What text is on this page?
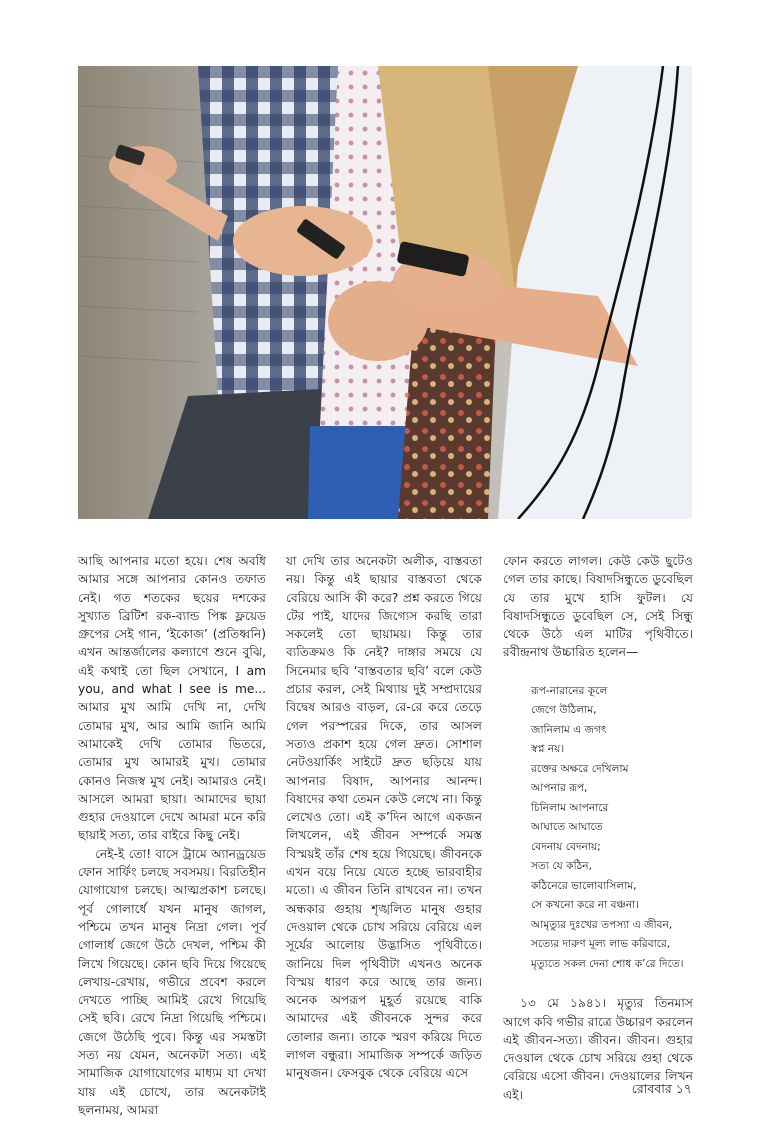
আছি আপনার মতো হয়ে। শেষ অবধি আমার সঙ্গে আপনার কোনও তফাত নেই। গত শতকের ছয়ের দশকের সুখ্যাত ব্রিটিশ রক-ব্যান্ড পিঙ্ক ফ্লয়েড গ্রুপের সেই গান, ‘ইকোজ’ (প্রতিধ্বনি) এখন আন্তর্জালের কল্যাণে শুনে বুঝি, এই কথাই তো ছিল সেখানে, I am you, and what I see is me... আমার মুখ আমি দেখি না, দেখি তোমার মুখ, আর আমি জানি আমি আমাকেই দেখি তোমার ভিতরে, তোমার মুখ আমারই মুখ। তোমার কোনও নিজস্ব মুখ নেই। আমারও নেই। আসলে আমরা ছায়া। আমাদের ছায়া গুহার দেওয়ালে দেখে আমরা মনে করি ছায়াই সত্য, তার বাইরে কিছু নেই।

নেই-ই তো! বাসে ট্রামে অ্যানড্রয়েড ফোন সার্ফিং চলছে সবসময়। বিরতিহীন যোগাযোগ চলছে। আত্মপ্রকাশ চলছে। পূর্ব গোলার্ধে যখন মানুষ জাগল, পশ্চিমে তখন মানুষ নিদ্রা গেল। পূর্ব গোলার্ধ জেগে উঠে দেখল, পশ্চিম কী লিখে গিয়েছে। কোন ছবি দিয়ে গিয়েছে লেখায়-রেখায়, গভীরে প্রবেশ করলে দেখতে পাচ্ছি আমিই রেখে গিয়েছি সেই ছবি। রেখে নিদ্রা গিয়েছি পশ্চিমে। জেগে উঠেছি পুবে। কিন্তু এর সমস্তটা সত্য নয় যেমন, অনেকটা সত্য। এই সামাজিক যোগাযোগের মাধ্যম যা দেখা যায় এই চোখে, তার অনেকটাই ছলনাময়, আমরা

যা দেখি তার অনেকটা অলীক, বাস্তবতা নয়। কিন্তু এই ছায়ার বাস্তবতা থেকে বেরিয়ে আসি কী করে? প্রশ্ন করতে গিয়ে টের পাই, যাদের জিগ্যেস করছি তারা সকলেই তো ছায়াময়। কিন্তু তার ব্যতিক্রমও কি নেই? দাঙ্গার সময়ে যে সিনেমার ছবি ‘বাস্তবতার ছবি’ বলে কেউ প্রচার করল, সেই মিথ্যায় দুই সম্প্রদায়ের বিদ্বেষ আরও বাড়ল, রে-রে করে তেড়ে গেল পরস্পরের দিকে, তার আসল সত্যও প্রকাশ হয়ে গেল দ্রুত। সোশাল নেটওয়ার্কিং সাইটে দ্রুত ছড়িয়ে যায় আপনার বিষাদ, আপনার আনন্দ। বিষাদের কথা তেমন কেউ লেখে না। কিন্তু লেখেও তো। এই ক’দিন আগে একজন লিখলেন, এই জীবন সম্পর্কে সমস্ত বিস্ময়ই তাঁর শেষ হয়ে গিয়েছে। জীবনকে এখন বয়ে নিয়ে যেতে হচ্ছে ভারবাহীর মতো। এ জীবন তিনি রাখবেন না। তখন অন্ধকার গুহায় শৃঙ্খলিত মানুষ গুহার দেওয়াল থেকে চোখ সরিয়ে বেরিয়ে এল সূর্যের আলোয় উদ্ভাসিত পৃথিবীতে। জানিয়ে দিল পৃথিবীটা এখনও অনেক বিস্ময় ধারণ করে আছে তার জন্য। অনেক অপরূপ মুহূর্ত রয়েছে বাকি আমাদের এই জীবনকে সুন্দর করে তোলার জন্য। তাকে স্মরণ করিয়ে দিতে লাগল বন্ধুরা। সামাজিক সম্পর্কে জড়িত মানুষজন। ফেসবুক থেকে বেরিয়ে এসে

ফোন করতে লাগল। কেউ কেউ ছুটেও গেল তার কাছে। বিষাদসিন্ধুতে ডুবেছিল যে তার মুখে হাসি ফুটল। যে বিষাদসিন্ধুতে ডুবেছিল সে, সেই সিন্ধু থেকে উঠে এল মাটির পৃথিবীতে। রবীন্দ্রনাথ উচ্চারিত হলেন—

রূপ-নারানের কূলে
জেগে উঠিলাম,
জানিলাম এ জগৎ
স্বপ্ন নয়।
রক্তের অক্ষরে দেখিলাম
আপনার রূপ,
চিনিলাম আপনারে
আঘাতে আঘাতে
বেদনায় বেদনায়;
সত্য যে কঠিন,
কঠিনেরে ভালোবাসিলাম,
সে কখনো করে না বঞ্চনা।
আমৃত্যুর দুঃখের তপস্যা এ জীবন,
সত্যের দারুণ মূল্য লাভ করিবারে,
মৃত্যুতে সকল দেনা শোধ ক’রে দিতে।

১৩ মে ১৯৪১। মৃত্যুর তিনমাস আগে কবি গভীর রাত্রে উচ্চারণ করলেন এই জীবন-সত্য। জীবন। জীবন। গুহার দেওয়াল থেকে চোখ সরিয়ে গুহা থেকে বেরিয়ে এসো জীবন। দেওয়ালের লিখন এই।	রোববার ১৭
